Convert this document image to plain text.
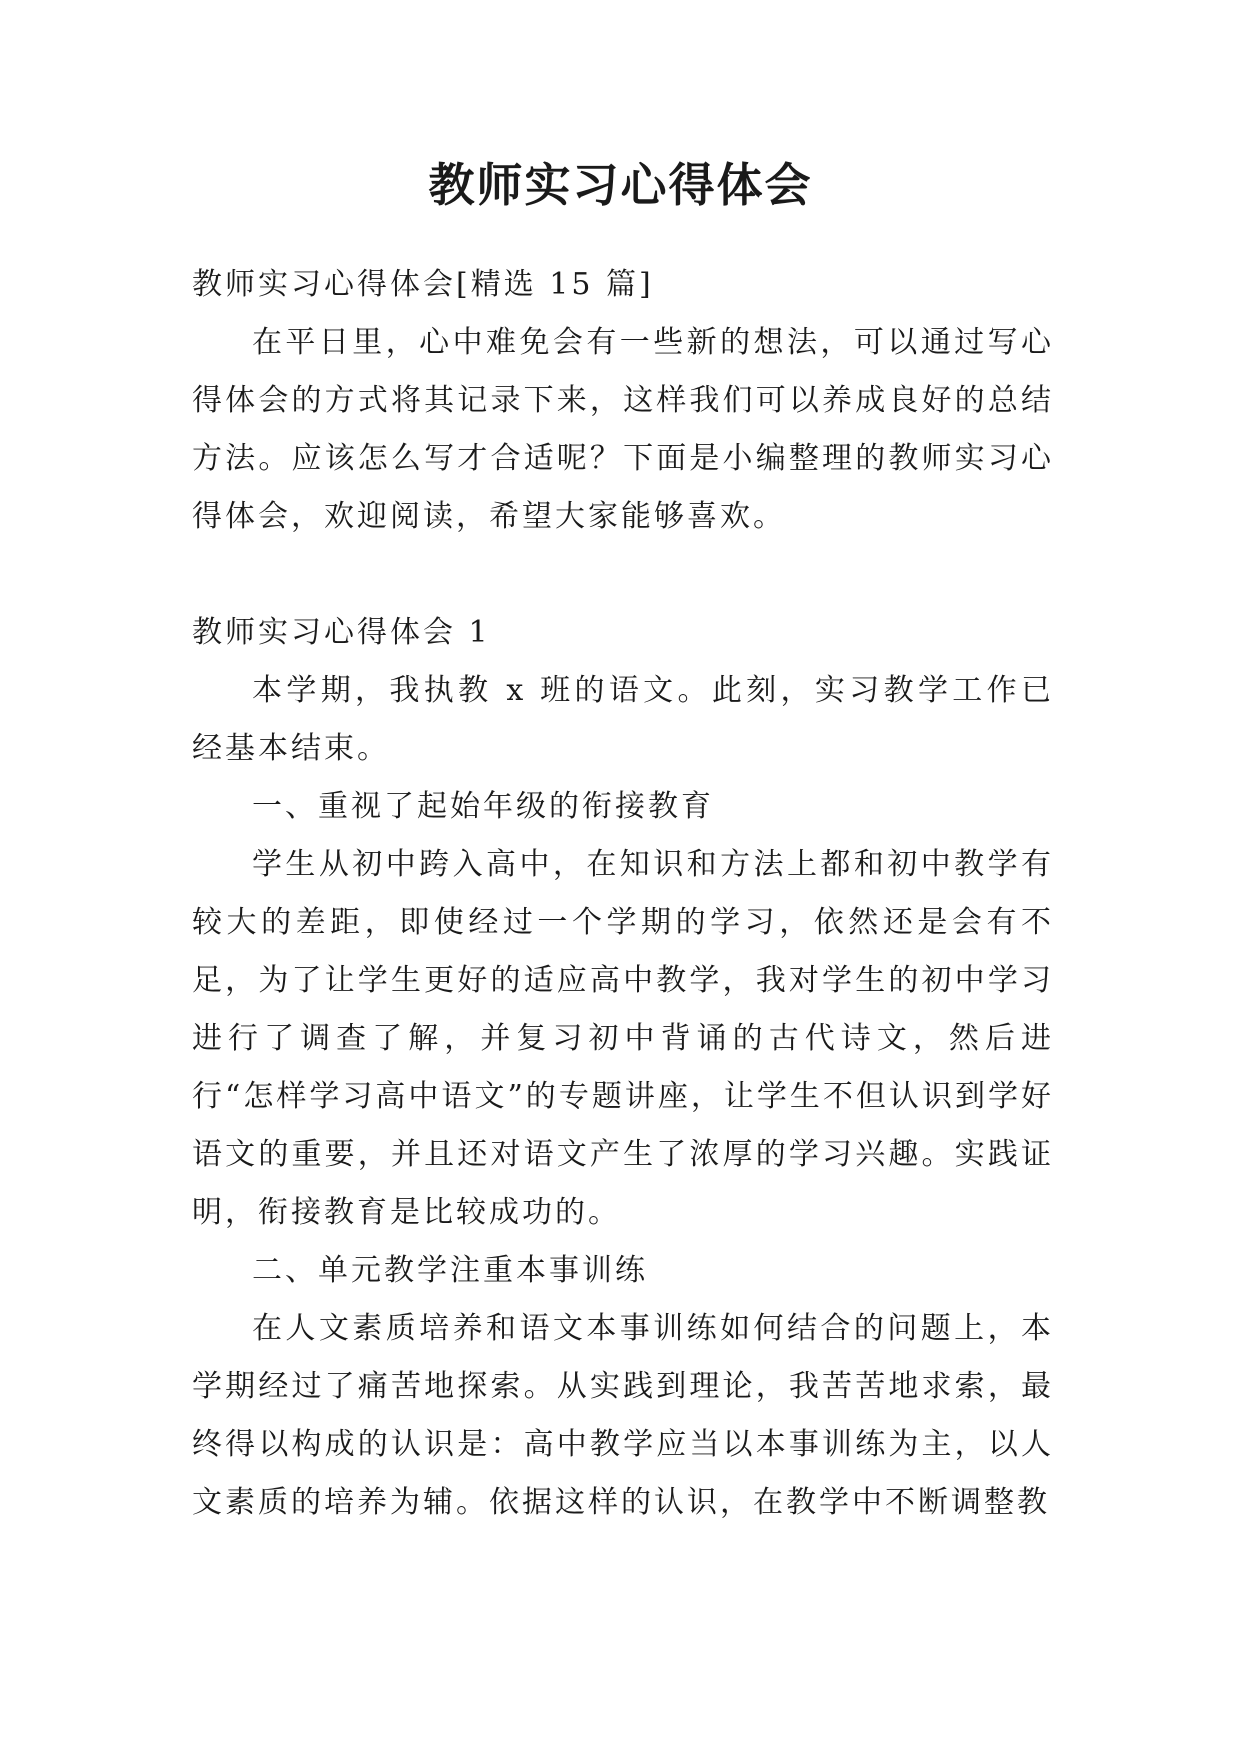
教师实习心得体会

教师实习心得体会[精选 15 篇]

在平日里，心中难免会有一些新的想法，可以通过写心得体会的方式将其记录下来，这样我们可以养成良好的总结方法。应该怎么写才合适呢？下面是小编整理的教师实习心得体会，欢迎阅读，希望大家能够喜欢。

教师实习心得体会 1

本学期，我执教 x 班的语文。此刻，实习教学工作已经基本结束。

一、重视了起始年级的衔接教育

学生从初中跨入高中，在知识和方法上都和初中教学有较大的差距，即使经过一个学期的学习，依然还是会有不足，为了让学生更好的适应高中教学，我对学生的初中学习进行了调查了解，并复习初中背诵的古代诗文，然后进行“怎样学习高中语文”的专题讲座，让学生不但认识到学好语文的重要，并且还对语文产生了浓厚的学习兴趣。实践证明，衔接教育是比较成功的。

二、单元教学注重本事训练

在人文素质培养和语文本事训练如何结合的问题上，本学期经过了痛苦地探索。从实践到理论，我苦苦地求索，最终得以构成的认识是：高中教学应当以本事训练为主，以人文素质的培养为辅。依据这样的认识，在教学中不断调整教
